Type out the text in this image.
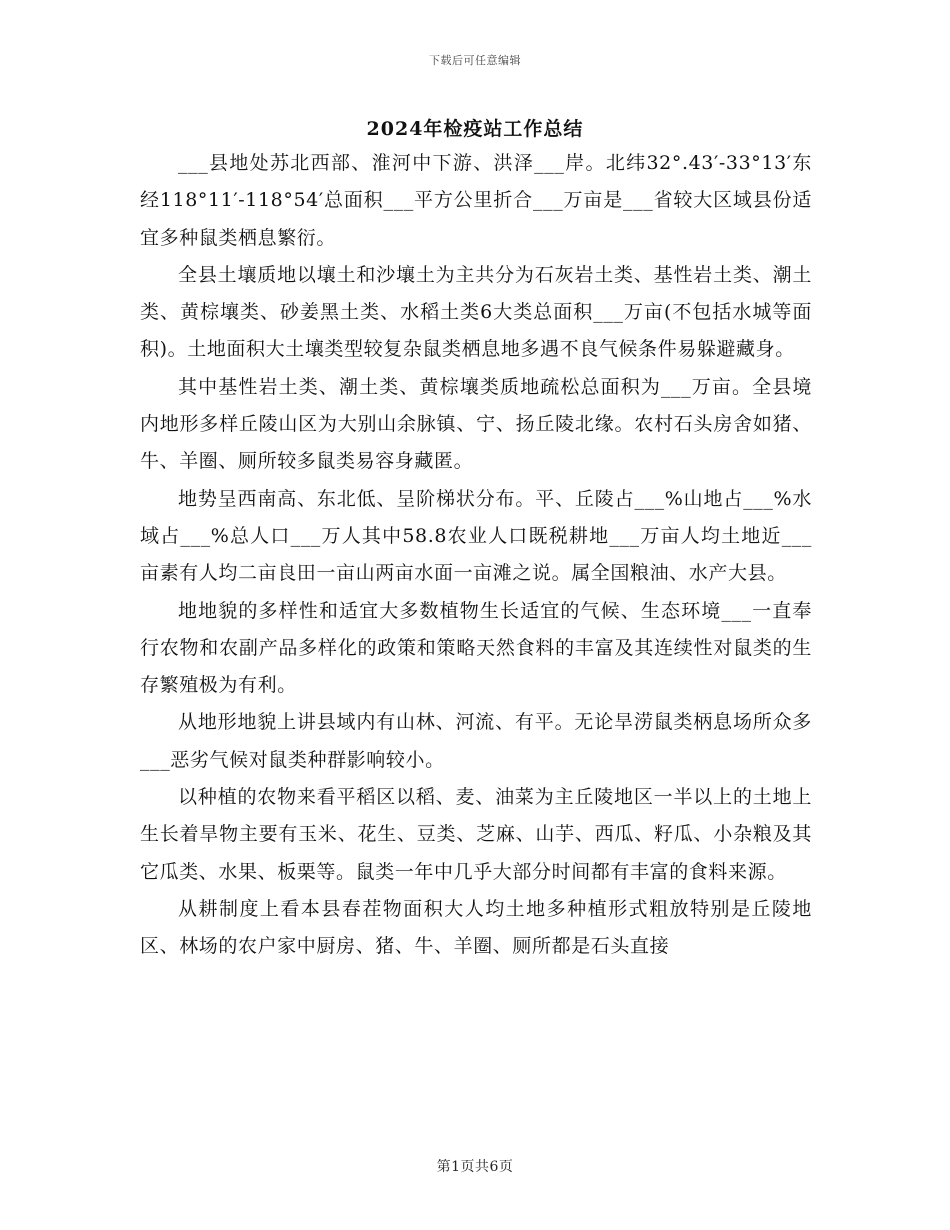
下载后可任意编辑
2024年检疫站工作总结

___县地处苏北西部、淮河中下游、洪泽___岸。北纬32°.43′-33°13′东经118°11′-118°54′总面积___平方公里折合___万亩是___省较大区域县份适宜多种鼠类栖息繁衍。

全县土壤质地以壤土和沙壤土为主共分为石灰岩土类、基性岩土类、潮土类、黄棕壤类、砂姜黑土类、水稻土类6大类总面积___万亩(不包括水城等面积)。土地面积大土壤类型较复杂鼠类栖息地多遇不良气候条件易躲避藏身。

其中基性岩土类、潮土类、黄棕壤类质地疏松总面积为___万亩。全县境内地形多样丘陵山区为大别山余脉镇、宁、扬丘陵北缘。农村石头房舍如猪、牛、羊圈、厕所较多鼠类易容身藏匿。

地势呈西南高、东北低、呈阶梯状分布。平、丘陵占___%山地占___%水域占___%总人口___万人其中58.8农业人口既税耕地___万亩人均土地近___亩素有人均二亩良田一亩山两亩水面一亩滩之说。属全国粮油、水产大县。

地地貌的多样性和适宜大多数植物生长适宜的气候、生态环境___一直奉行农物和农副产品多样化的政策和策略天然食料的丰富及其连续性对鼠类的生存繁殖极为有利。

从地形地貌上讲县域内有山林、河流、有平。无论旱涝鼠类柄息场所众多___恶劣气候对鼠类种群影响较小。

以种植的农物来看平稻区以稻、麦、油菜为主丘陵地区一半以上的土地上生长着旱物主要有玉米、花生、豆类、芝麻、山芋、西瓜、籽瓜、小杂粮及其它瓜类、水果、板栗等。鼠类一年中几乎大部分时间都有丰富的食料来源。

从耕制度上看本县春茬物面积大人均土地多种植形式粗放特别是丘陵地区、林场的农户家中厨房、猪、牛、羊圈、厕所都是石头直接

第1页共6页
